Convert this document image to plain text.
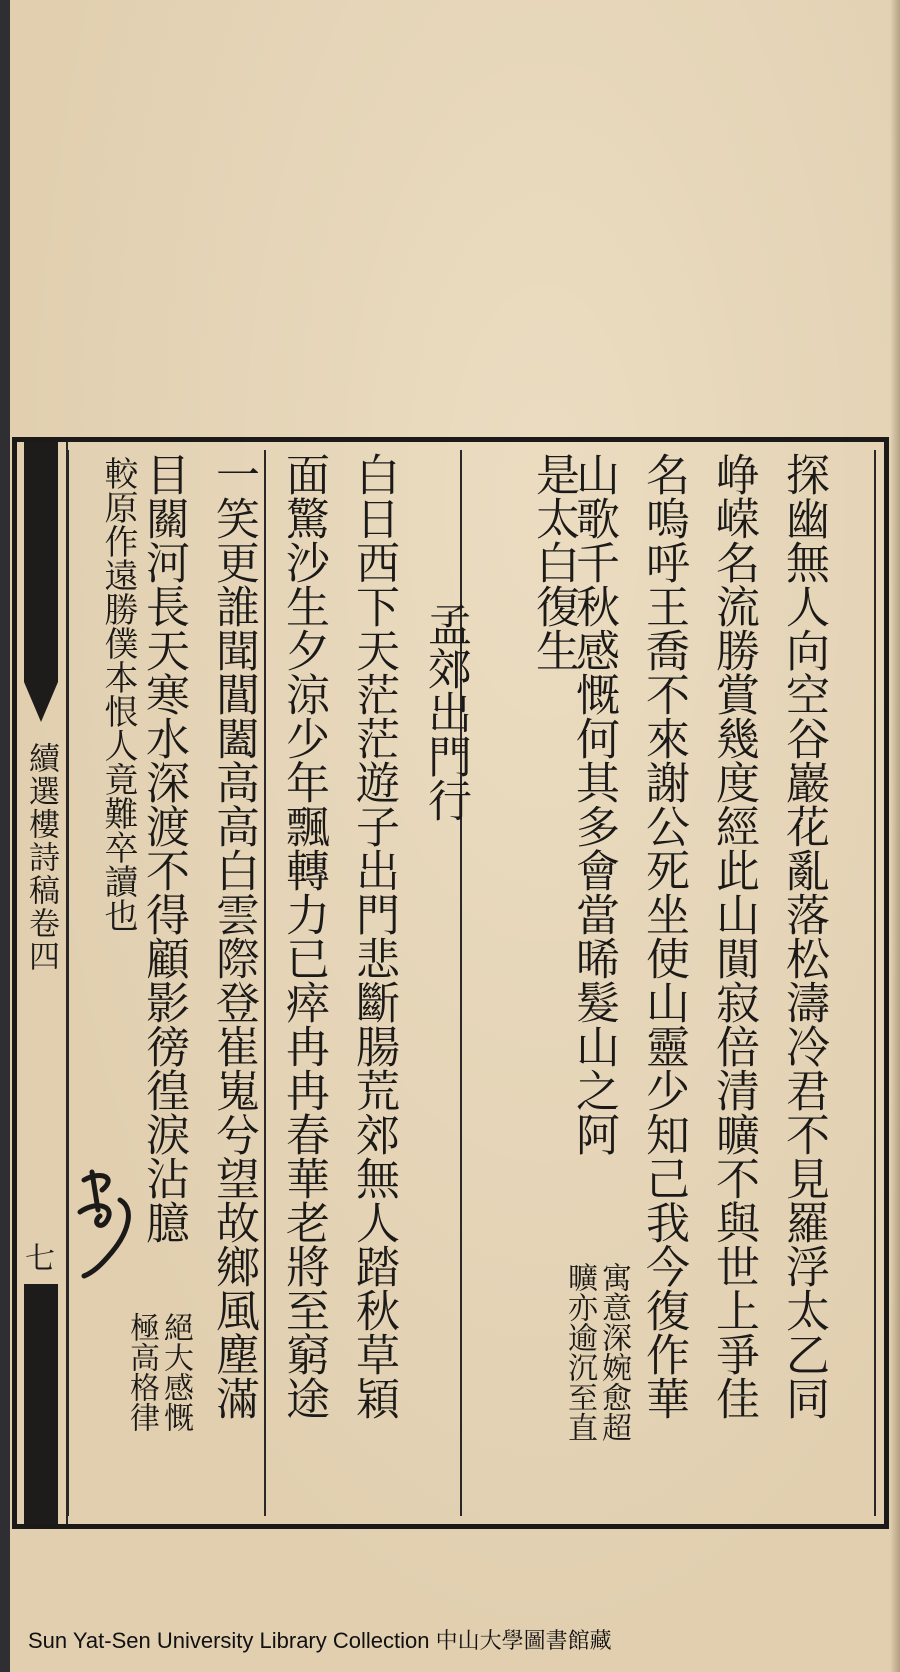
續選樓詩稿卷四
七	探幽無人向空谷巖花亂落松濤冷君不見羅浮太乙同
峥嵘名流勝賞幾度經此山閴寂倍清曠不與世上爭佳
名嗚呼王喬不來謝公死坐使山靈少知己我今復作華
山歌千秋感慨何其多會當晞髮山之阿
寓意深婉愈超
曠亦逾沉至直
是太白復生
孟郊出門行
白日西下天茫茫遊子出門悲斷腸荒郊無人踏秋草㯋
面驚沙生夕涼少年飄轉力已瘁冉冉春華老將至窮途
一笑更誰聞閶闔高高白雲際登崔嵬兮望故鄉風塵滿
目關河長天寒水深渡不得顧影徬徨淚沾臆
絕大感慨
極高格律
較原作遠勝僕本恨人竟難卒讀也
Sun Yat-Sen University Library Collection 中山大學圖書館藏
